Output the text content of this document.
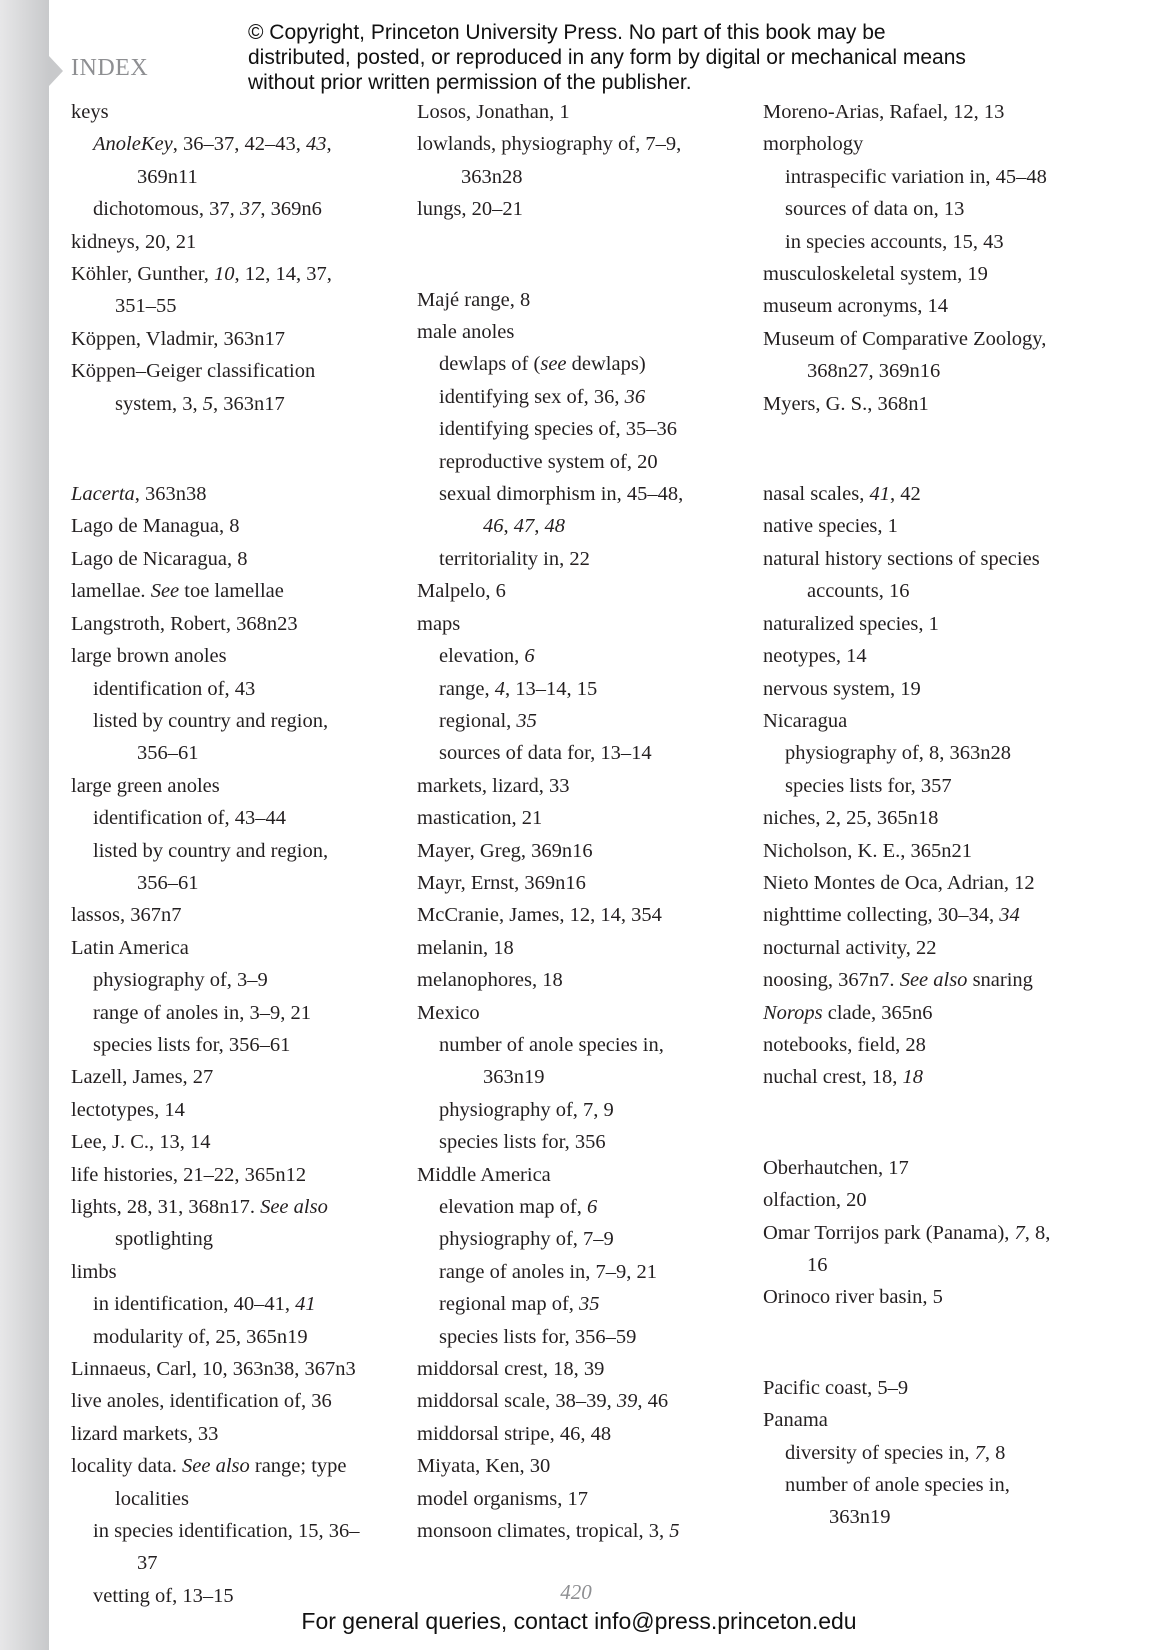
INDEX
© Copyright, Princeton University Press. No part of this book may be distributed, posted, or reproduced in any form by digital or mechanical means without prior written permission of the publisher.
keys
AnoleKey, 36–37, 42–43, 43, 369n11
dichotomous, 37, 37, 369n6
kidneys, 20, 21
Köhler, Gunther, 10, 12, 14, 37, 351–55
Köppen, Vladmir, 363n17
Köppen–Geiger classification system, 3, 5, 363n17
Lacerta, 363n38
Lago de Managua, 8
Lago de Nicaragua, 8
lamellae. See toe lamellae
Langstroth, Robert, 368n23
large brown anoles
identification of, 43
listed by country and region, 356–61
large green anoles
identification of, 43–44
listed by country and region, 356–61
lassos, 367n7
Latin America
physiography of, 3–9
range of anoles in, 3–9, 21
species lists for, 356–61
Lazell, James, 27
lectotypes, 14
Lee, J. C., 13, 14
life histories, 21–22, 365n12
lights, 28, 31, 368n17. See also spotlighting
limbs
in identification, 40–41, 41
modularity of, 25, 365n19
Linnaeus, Carl, 10, 363n38, 367n3
live anoles, identification of, 36
lizard markets, 33
locality data. See also range; type localities
in species identification, 15, 36–37
vetting of, 13–15
Losos, Jonathan, 1
lowlands, physiography of, 7–9, 363n28
lungs, 20–21
Majé range, 8
male anoles
dewlaps of (see dewlaps)
identifying sex of, 36, 36
identifying species of, 35–36
reproductive system of, 20
sexual dimorphism in, 45–48, 46, 47, 48
territoriality in, 22
Malpelo, 6
maps
elevation, 6
range, 4, 13–14, 15
regional, 35
sources of data for, 13–14
markets, lizard, 33
mastication, 21
Mayer, Greg, 369n16
Mayr, Ernst, 369n16
McCranie, James, 12, 14, 354
melanin, 18
melanophores, 18
Mexico
number of anole species in, 363n19
physiography of, 7, 9
species lists for, 356
Middle America
elevation map of, 6
physiography of, 7–9
range of anoles in, 7–9, 21
regional map of, 35
species lists for, 356–59
middorsal crest, 18, 39
middorsal scale, 38–39, 39, 46
middorsal stripe, 46, 48
Miyata, Ken, 30
model organisms, 17
monsoon climates, tropical, 3, 5
Moreno-Arias, Rafael, 12, 13
morphology
intraspecific variation in, 45–48
sources of data on, 13
in species accounts, 15, 43
musculoskeletal system, 19
museum acronyms, 14
Museum of Comparative Zoology, 368n27, 369n16
Myers, G. S., 368n1
nasal scales, 41, 42
native species, 1
natural history sections of species accounts, 16
naturalized species, 1
neotypes, 14
nervous system, 19
Nicaragua
physiography of, 8, 363n28
species lists for, 357
niches, 2, 25, 365n18
Nicholson, K. E., 365n21
Nieto Montes de Oca, Adrian, 12
nighttime collecting, 30–34, 34
nocturnal activity, 22
noosing, 367n7. See also snaring
Norops clade, 365n6
notebooks, field, 28
nuchal crest, 18, 18
Oberhautchen, 17
olfaction, 20
Omar Torrijos park (Panama), 7, 8, 16
Orinoco river basin, 5
Pacific coast, 5–9
Panama
diversity of species in, 7, 8
number of anole species in, 363n19
420
For general queries, contact info@press.princeton.edu
